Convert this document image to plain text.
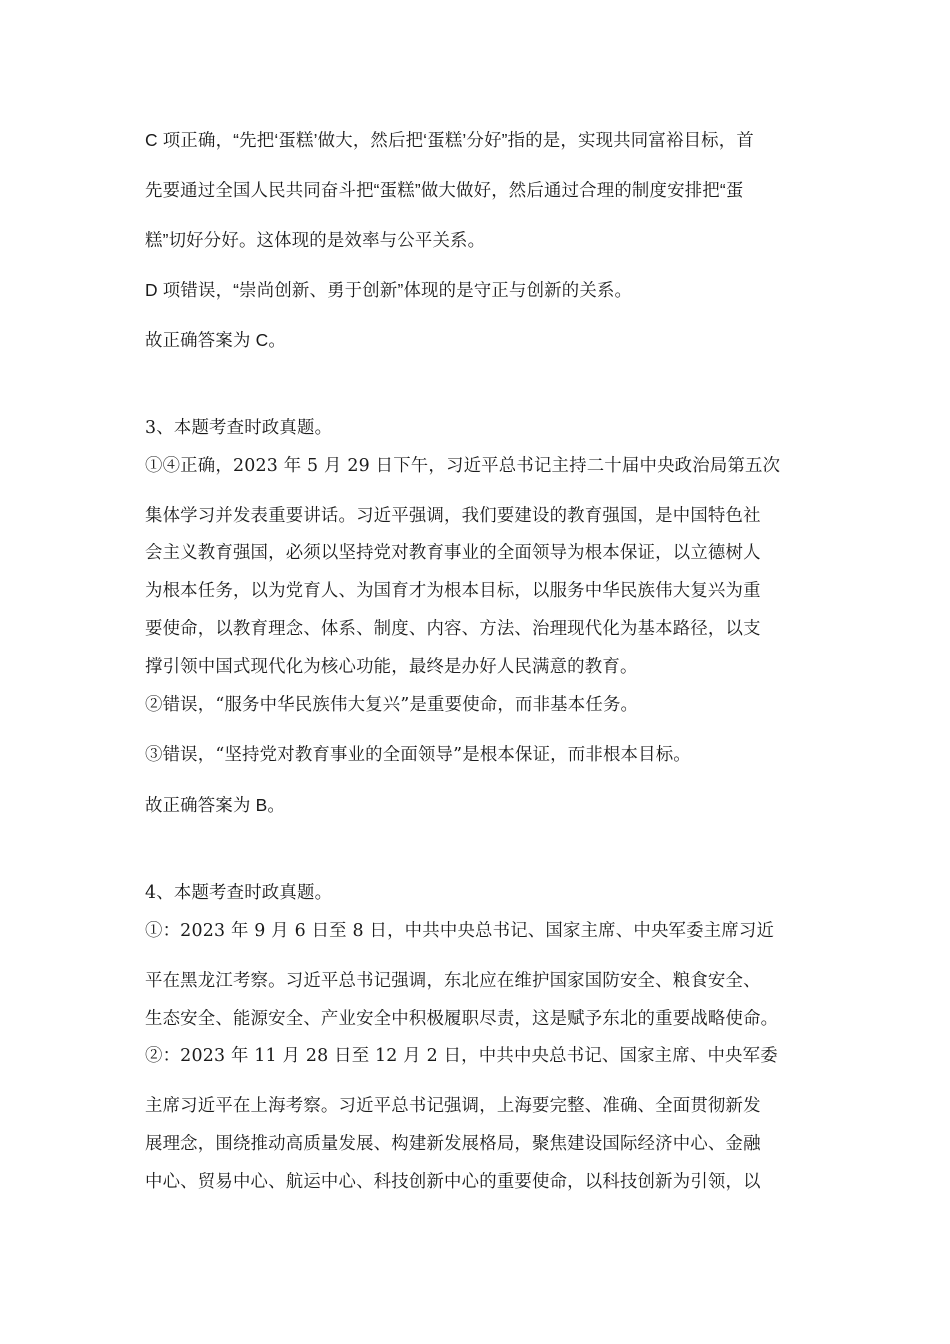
C 项正确，“先把‘蛋糕’做大，然后把‘蛋糕’分好”指的是，实现共同富裕目标，首

先要通过全国人民共同奋斗把“蛋糕”做大做好，然后通过合理的制度安排把“蛋

糕”切好分好。这体现的是效率与公平关系。

D 项错误，“崇尚创新、勇于创新”体现的是守正与创新的关系。

故正确答案为 C。

3、本题考查时政真题。

①④正确，2023 年 5 月 29 日下午，习近平总书记主持二十届中央政治局第五次

集体学习并发表重要讲话。习近平强调，我们要建设的教育强国，是中国特色社

会主义教育强国，必须以坚持党对教育事业的全面领导为根本保证，以立德树人

为根本任务，以为党育人、为国育才为根本目标，以服务中华民族伟大复兴为重

要使命，以教育理念、体系、制度、内容、方法、治理现代化为基本路径，以支

撑引领中国式现代化为核心功能，最终是办好人民满意的教育。

②错误，“服务中华民族伟大复兴”是重要使命，而非基本任务。

③错误，“坚持党对教育事业的全面领导”是根本保证，而非根本目标。

故正确答案为 B。

4、本题考查时政真题。

①：2023 年 9 月 6 日至 8 日，中共中央总书记、国家主席、中央军委主席习近

平在黑龙江考察。习近平总书记强调，东北应在维护国家国防安全、粮食安全、

生态安全、能源安全、产业安全中积极履职尽责，这是赋予东北的重要战略使命。

②：2023 年 11 月 28 日至 12 月 2 日，中共中央总书记、国家主席、中央军委

主席习近平在上海考察。习近平总书记强调，上海要完整、准确、全面贯彻新发

展理念，围绕推动高质量发展、构建新发展格局，聚焦建设国际经济中心、金融

中心、贸易中心、航运中心、科技创新中心的重要使命，以科技创新为引领，以
